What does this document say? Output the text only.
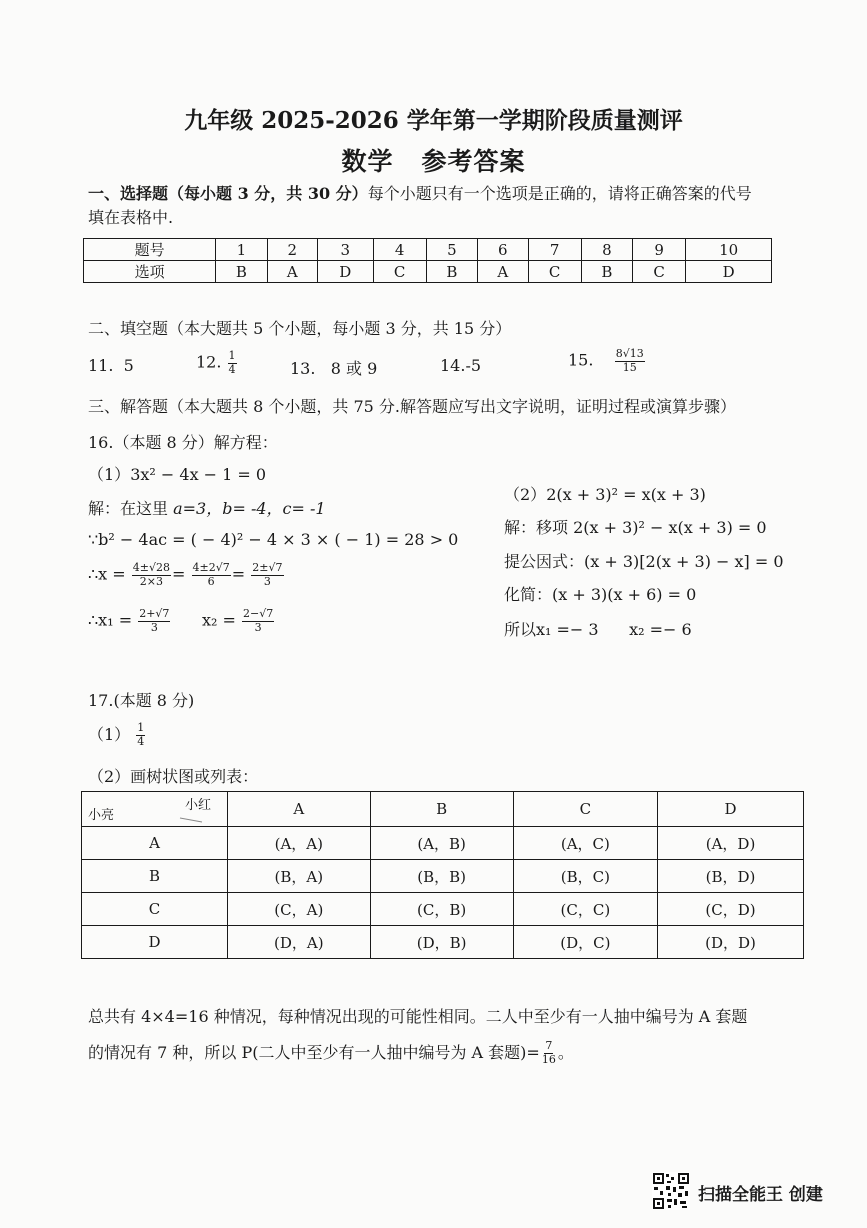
九年级 2025-2026 学年第一学期阶段质量测评
数学 参考答案
一、选择题（每小题 3 分，共 30 分）每个小题只有一个选项是正确的，请将正确答案的代号
填在表格中.
题号	1	2	3	4	5	6	7	8	9	10
选项	B	A	D	C	B	A	C	B	C	D
二、填空题（本大题共 5 个小题，每小题 3 分，共 15 分）
11. 5	12. $\frac{1}{4}$	13. 8 或 9	14.-5	15. $\frac{8√13}{15}$
三、解答题（本大题共 8 个小题，共 75 分.解答题应写出文字说明，证明过程或演算步骤）
16.（本题 8 分）解方程：
（1）3x² − 4x − 1 = 0
解：在这里 a=3，b= -4，c= -1
∵b² − 4ac = ( − 4)² − 4 × 3 × ( − 1) = 28 > 0
∴x = $\frac{4\pm√28}{2\times 3} = \frac{4\pm 2√7}{6} = \frac{2\pm√7}{3}$
∴x₁ = $\frac{2+√7}{3} x_2 = \frac{2-√7}{3}$
（2）2(x + 3)² = x(x + 3)
解：移项 2(x + 3)² − x(x + 3) = 0
提公因式：(x + 3)[2(x + 3) − x] = 0
化简：(x + 3)(x + 6) = 0
所以x₁ =− 3 x₂ =− 6
17.(本题 8 分)
$(1) \frac{1}{4}$
（2）画树状图或列表：
小红
小亮	A	B	C	D
A	(A，A)	(A，B)	(A，C)	(A，D)
B	(B，A)	(B，B)	(B，C)	(B，D)
C	(C，A)	(C，B)	(C，C)	(C，D)
D	(D，A)	(D，B)	(D，C)	(D，D)
总共有 4×4=16 种情况，每种情况出现的可能性相同。二人中至少有一人抽中编号为 A 套题
的情况有 7 种，所以 P(二人中至少有一人抽中编号为 A 套题)= $\frac{7}{16}$ 。
扫描全能王 创建
